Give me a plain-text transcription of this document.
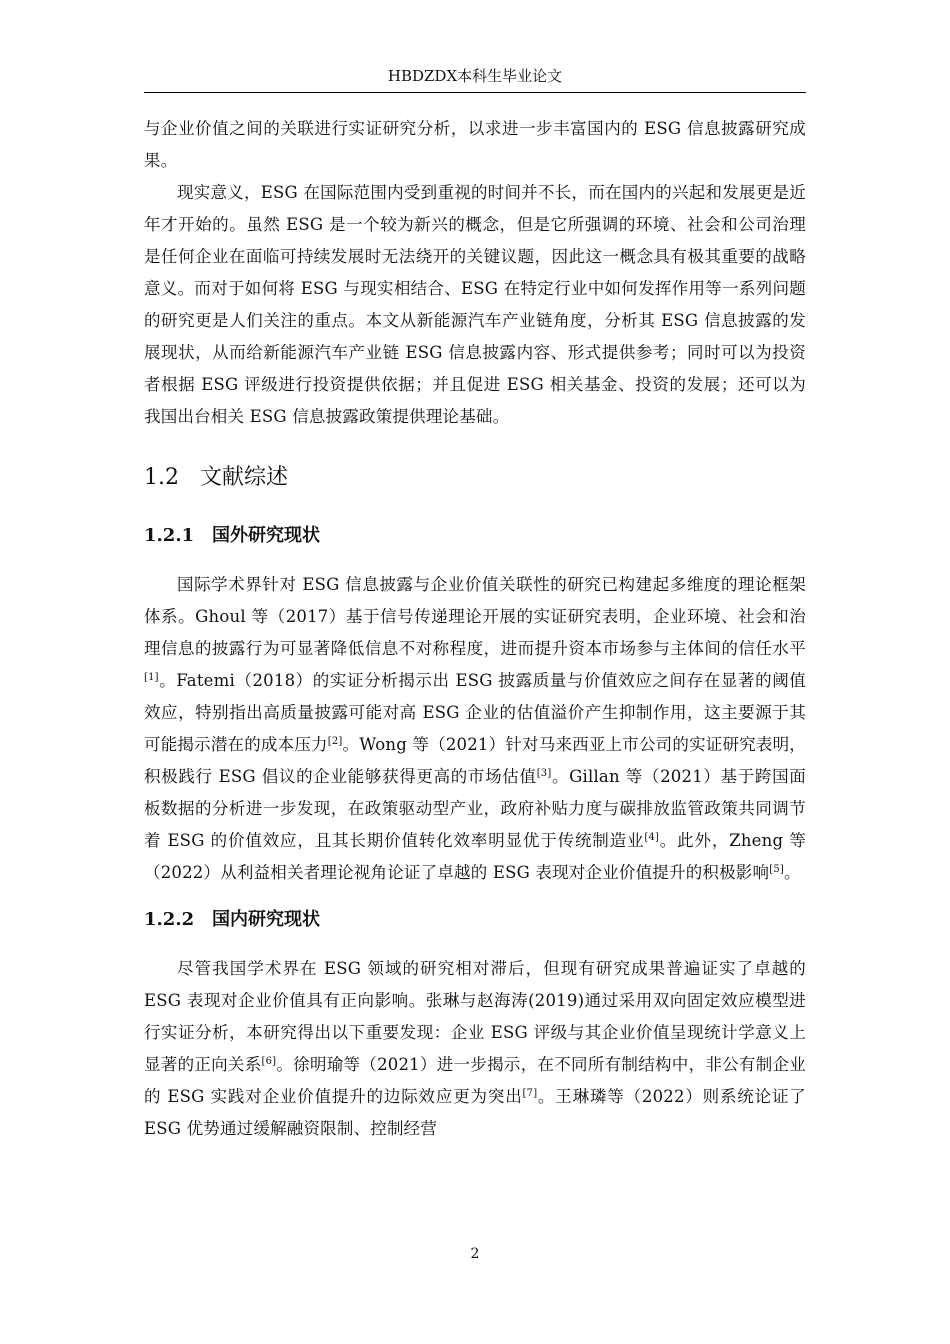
HBDZDX本科生毕业论文

与企业价值之间的关联进行实证研究分析，以求进一步丰富国内的 ESG 信息披露研究成果。

现实意义，ESG 在国际范围内受到重视的时间并不长，而在国内的兴起和发展更是近年才开始的。虽然 ESG 是一个较为新兴的概念，但是它所强调的环境、社会和公司治理是任何企业在面临可持续发展时无法绕开的关键议题，因此这一概念具有极其重要的战略意义。而对于如何将 ESG 与现实相结合、ESG 在特定行业中如何发挥作用等一系列问题的研究更是人们关注的重点。本文从新能源汽车产业链角度，分析其 ESG 信息披露的发展现状，从而给新能源汽车产业链 ESG 信息披露内容、形式提供参考；同时可以为投资者根据 ESG 评级进行投资提供依据；并且促进 ESG 相关基金、投资的发展；还可以为我国出台相关 ESG 信息披露政策提供理论基础。

1.2 文献综述
1.2.1 国外研究现状

国际学术界针对 ESG 信息披露与企业价值关联性的研究已构建起多维度的理论框架体系。Ghoul 等（2017）基于信号传递理论开展的实证研究表明，企业环境、社会和治理信息的披露行为可显著降低信息不对称程度，进而提升资本市场参与主体间的信任水平[1]。Fatemi（2018）的实证分析揭示出 ESG 披露质量与价值效应之间存在显著的阈值效应，特别指出高质量披露可能对高 ESG 企业的估值溢价产生抑制作用，这主要源于其可能揭示潜在的成本压力[2]。Wong 等（2021）针对马来西亚上市公司的实证研究表明，积极践行 ESG 倡议的企业能够获得更高的市场估值[3]。Gillan 等（2021）基于跨国面板数据的分析进一步发现，在政策驱动型产业，政府补贴力度与碳排放监管政策共同调节着 ESG 的价值效应，且其长期价值转化效率明显优于传统制造业[4]。此外，Zheng 等（2022）从利益相关者理论视角论证了卓越的 ESG 表现对企业价值提升的积极影响[5]。

1.2.2 国内研究现状

尽管我国学术界在 ESG 领域的研究相对滞后，但现有研究成果普遍证实了卓越的 ESG 表现对企业价值具有正向影响。张琳与赵海涛(2019)通过采用双向固定效应模型进行实证分析，本研究得出以下重要发现：企业 ESG 评级与其企业价值呈现统计学意义上显著的正向关系[6]。徐明瑜等（2021）进一步揭示，在不同所有制结构中，非公有制企业的 ESG 实践对企业价值提升的边际效应更为突出[7]。王琳璘等（2022）则系统论证了 ESG 优势通过缓解融资限制、控制经营

2
